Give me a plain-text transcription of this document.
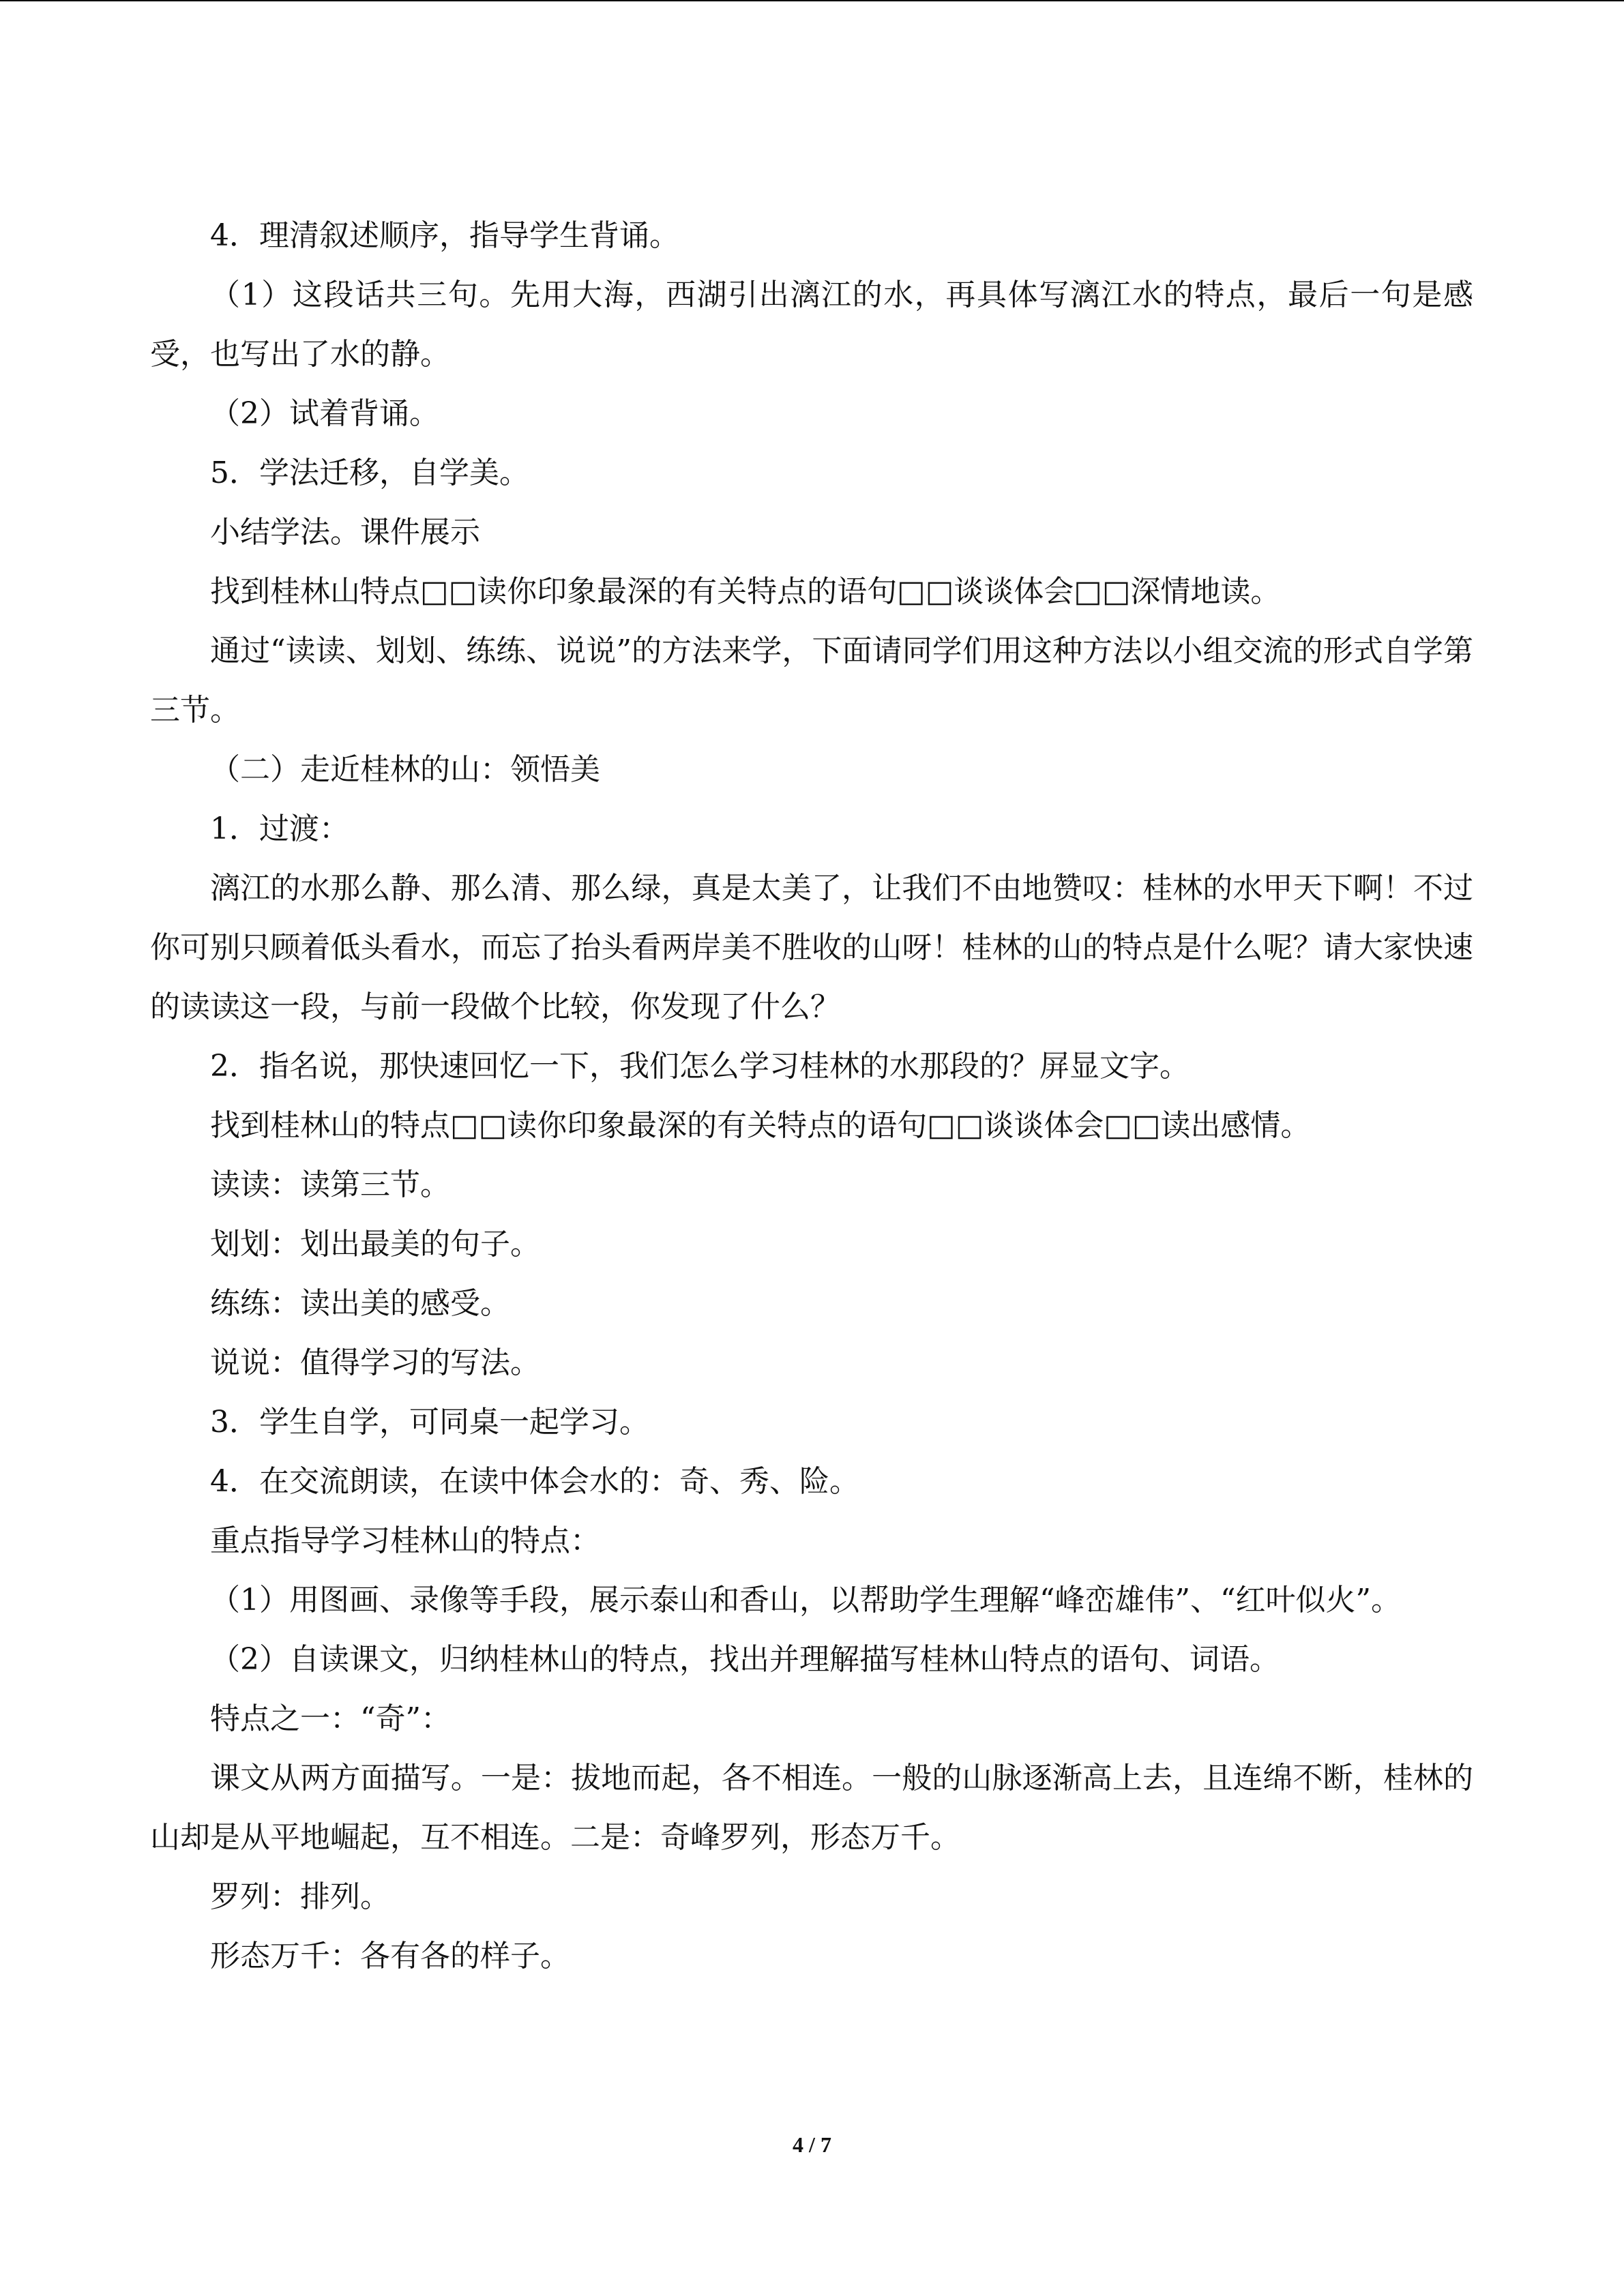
4．理清叙述顺序，指导学生背诵。

（1）这段话共三句。先用大海，西湖引出漓江的水，再具体写漓江水的特点，最后一句是感受，也写出了水的静。

（2）试着背诵。

5．学法迁移，自学美。

小结学法。课件展示

找到桂林山特点□□读你印象最深的有关特点的语句□□谈谈体会□□深情地读。

通过“读读、划划、练练、说说”的方法来学，下面请同学们用这种方法以小组交流的形式自学第三节。

（二）走近桂林的山：领悟美

1．过渡：

漓江的水那么静、那么清、那么绿，真是太美了，让我们不由地赞叹：桂林的水甲天下啊！不过你可别只顾着低头看水，而忘了抬头看两岸美不胜收的山呀！桂林的山的特点是什么呢？请大家快速的读读这一段，与前一段做个比较，你发现了什么？

2．指名说，那快速回忆一下，我们怎么学习桂林的水那段的？屏显文字。

找到桂林山的特点□□读你印象最深的有关特点的语句□□谈谈体会□□读出感情。

读读：读第三节。

划划：划出最美的句子。

练练：读出美的感受。

说说：值得学习的写法。

3．学生自学，可同桌一起学习。

4．在交流朗读，在读中体会水的：奇、秀、险。

重点指导学习桂林山的特点：

（1）用图画、录像等手段，展示泰山和香山，以帮助学生理解“峰峦雄伟”、“红叶似火”。

（2）自读课文，归纳桂林山的特点，找出并理解描写桂林山特点的语句、词语。

特点之一：“奇”：

课文从两方面描写。一是：拔地而起，各不相连。一般的山脉逐渐高上去，且连绵不断，桂林的山却是从平地崛起，互不相连。二是：奇峰罗列，形态万千。

罗列：排列。

形态万千：各有各的样子。

4 / 7
